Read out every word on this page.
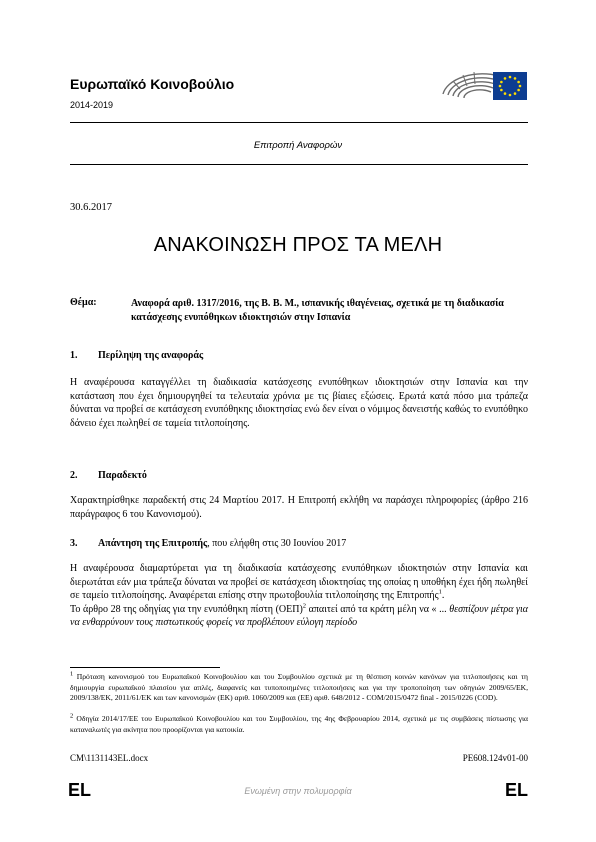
Ευρωπαϊκό Κοινοβούλιο
2014-2019
Επιτροπή Αναφορών
30.6.2017
ΑΝΑΚΟΙΝΩΣΗ ΠΡΟΣ ΤΑ ΜΕΛΗ
Θέμα:	Αναφορά αριθ. 1317/2016, της Β. Β. Μ., ισπανικής ιθαγένειας, σχετικά με τη διαδικασία κατάσχεσης ενυπόθηκων ιδιοκτησιών στην Ισπανία
1. Περίληψη της αναφοράς
Η αναφέρουσα καταγγέλλει τη διαδικασία κατάσχεσης ενυπόθηκων ιδιοκτησιών στην Ισπανία και την κατάσταση που έχει δημιουργηθεί τα τελευταία χρόνια με τις βίαιες εξώσεις. Ερωτά κατά πόσο μια τράπεζα δύναται να προβεί σε κατάσχεση ενυπόθηκης ιδιοκτησίας ενώ δεν είναι ο νόμιμος δανειστής καθώς το ενυπόθηκο δάνειο έχει πωληθεί σε ταμεία τιτλοποίησης.
2. Παραδεκτό
Χαρακτηρίσθηκε παραδεκτή στις 24 Μαρτίου 2017. Η Επιτροπή εκλήθη να παράσχει πληροφορίες (άρθρο 216 παράγραφος 6 του Κανονισμού).
3. Απάντηση της Επιτροπής, που ελήφθη στις 30 Ιουνίου 2017

Η αναφέρουσα διαμαρτύρεται για τη διαδικασία κατάσχεσης ενυπόθηκων ιδιοκτησιών στην Ισπανία και διερωτάται εάν μια τράπεζα δύναται να προβεί σε κατάσχεση ιδιοκτησίας της οποίας η υποθήκη έχει ήδη πωληθεί σε ταμείο τιτλοποίησης. Αναφέρεται επίσης στην πρωτοβουλία τιτλοποίησης της Επιτροπής$^1$.

Το άρθρο 28 της οδηγίας για την ενυπόθηκη πίστη $(OE\Pi)^2$ απαιτεί από τα κράτη μέλη να « ... θεσπίζουν μέτρα για να ενθαρρύνουν τους πιστωτικούς φορείς να προβλέπουν εύλογη περίοδο

$^1$ Πρόταση κανονισμού του Ευρωπαϊκού Κοινοβουλίου και του Συμβουλίου σχετικά με τη θέσπιση κοινών κανόνων για τιτλοποιήσεις και τη δημιουργία ευρωπαϊκού πλαισίου για απλές, διαφανείς και τυποποιημένες τιτλοποιήσεις και για την τροποποίηση των οδηγιών 2009/65/ΕΚ, 2009/138/ΕΚ, 2011/61/ΕΚ και των κανονισμών (ΕΚ) αριθ. 1060/2009 και (ΕΕ) αριθ. 648/2012 - COM/2015/0472 final - 2015/0226 (COD).
$^2$ Οδηγία 2014/17/ΕΕ του Ευρωπαϊκού Κοινοβουλίου και του Συμβουλίου, της 4ης Φεβρουαρίου 2014, σχετικά με τις συμβάσεις πίστωσης για καταναλωτές για ακίνητα που προορίζονται για κατοικία.
CM\1131143EL.docx	PE608.124v01-00
EL	Ενωμένη στην πολυμορφία	EL
